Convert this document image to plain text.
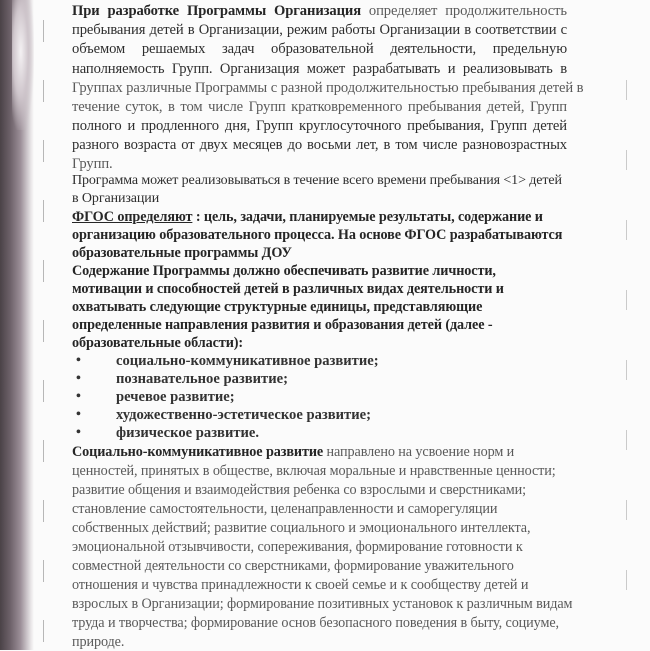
При разработке Программы Организация определяет продолжительность
пребывания детей в Организации, режим работы Организации в соответствии с
объемом решаемых задач образовательной деятельности, предельную
наполняемость Групп. Организация может разрабатывать и реализовывать в
Группах различные Программы с разной продолжительностью пребывания детей в
течение суток, в том числе Групп кратковременного пребывания детей, Групп
полного и продленного дня, Групп круглосуточного пребывания, Групп детей
разного возраста от двух месяцев до восьми лет, в том числе разновозрастных
Групп.
Программа может реализовываться в течение всего времени пребывания <1> детей
в Организации
ФГОС определяют : цель, задачи, планируемые результаты, содержание и
организацию образовательного процесса. На основе ФГОС разрабатываются
образовательные программы ДОУ
Содержание Программы должно обеспечивать развитие личности,
мотивации и способностей детей в различных видах деятельности и
охватывать следующие структурные единицы, представляющие
определенные направления развития и образования детей (далее -
образовательные области):
• социально-коммуникативное развитие;
• познавательное развитие;
• речевое развитие;
• художественно-эстетическое развитие;
• физическое развитие.
Социально-коммуникативное развитие направлено на усвоение норм и
ценностей, принятых в обществе, включая моральные и нравственные ценности;
развитие общения и взаимодействия ребенка со взрослыми и сверстниками;
становление самостоятельности, целенаправленности и саморегуляции
собственных действий; развитие социального и эмоционального интеллекта,
эмоциональной отзывчивости, сопереживания, формирование готовности к
совместной деятельности со сверстниками, формирование уважительного
отношения и чувства принадлежности к своей семье и к сообществу детей и
взрослых в Организации; формирование позитивных установок к различным видам
труда и творчества; формирование основ безопасного поведения в быту, социуме,
природе.
